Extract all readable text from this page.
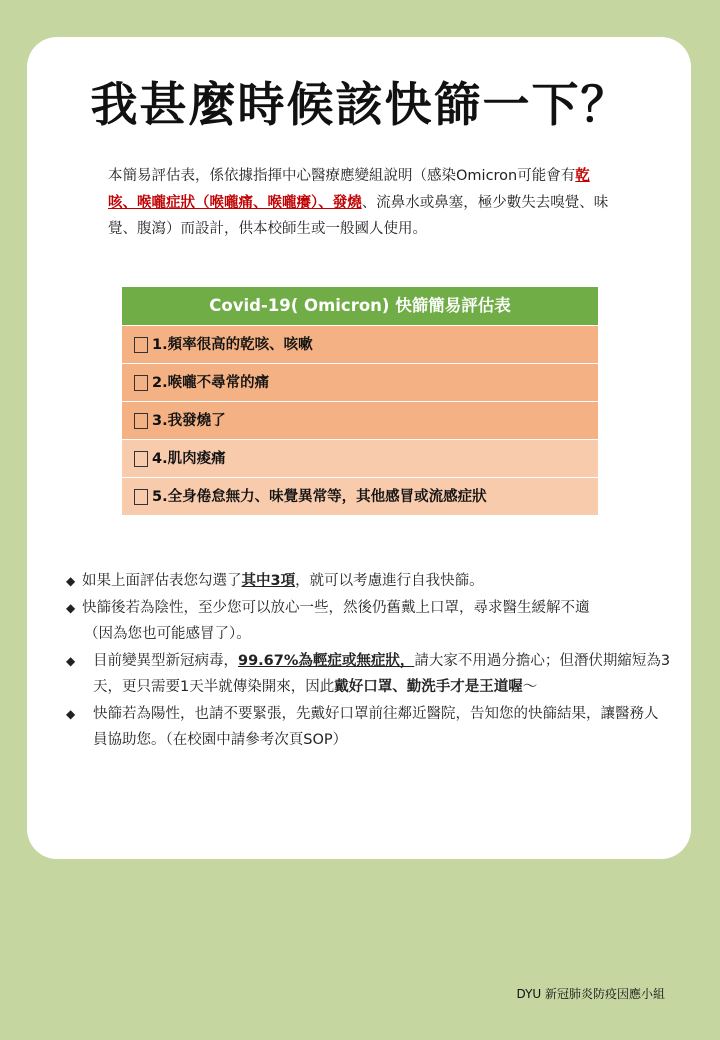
我甚麼時候該快篩一下？

本簡易評估表，係依據指揮中心醫療應變組說明（感染Omicron可能會有乾咳、喉嚨症狀（喉嚨痛、喉嚨癢）、發燒、流鼻水或鼻塞，極少數失去嗅覺、味覺、腹瀉）而設計，供本校師生或一般國人使用。

Covid-19( Omicron) 快篩簡易評估表
1.頻率很高的乾咳、咳嗽
2.喉嚨不尋常的痛
3.我發燒了
4.肌肉痠痛
5.全身倦怠無力、味覺異常等，其他感冒或流感症狀
◆ 如果上面評估表您勾選了其中3項，就可以考慮進行自我快篩。
◆ 快篩後若為陰性，至少您可以放心一些，然後仍舊戴上口罩，尋求醫生緩解不適
（因為您也可能感冒了）。
◆	目前變異型新冠病毒，99.67%為輕症或無症狀，請大家不用過分擔心；但潛伏期縮短為3天，更只需要1天半就傳染開來，因此戴好口罩、勤洗手才是王道喔～
◆	快篩若為陽性，也請不要緊張，先戴好口罩前往鄰近醫院，告知您的快篩結果，讓醫務人員協助您。（在校園中請參考次頁SOP）
DYU 新冠肺炎防疫因應小組
